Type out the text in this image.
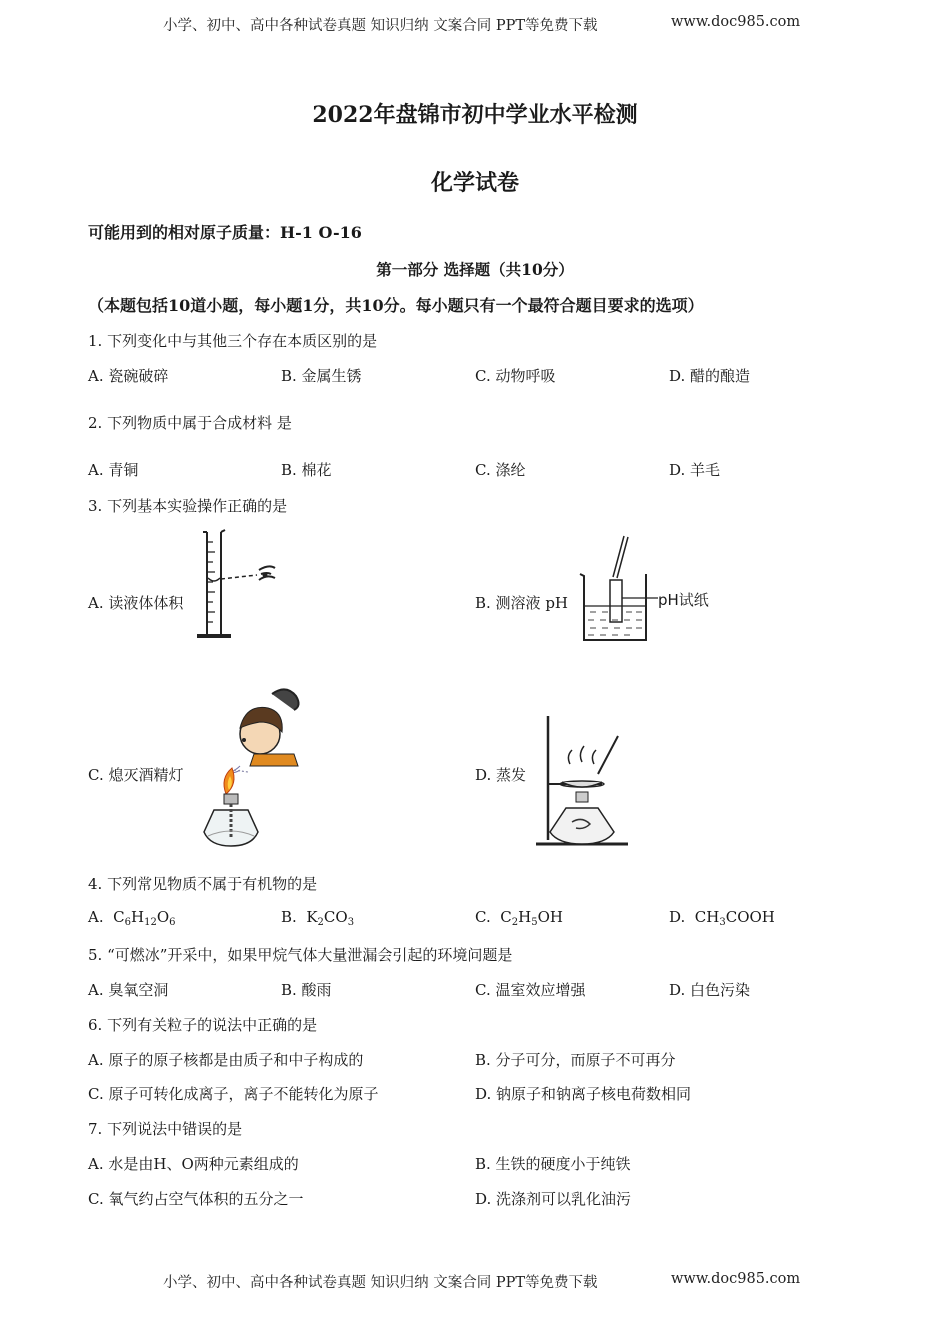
小学、初中、高中各种试卷真题 知识归纳 文案合同 PPT等免费下载	www.doc985.com
2022年盘锦市初中学业水平检测
化学试卷
可能用到的相对原子质量：H-1 O-16
第一部分 选择题（共10分）
（本题包括10道小题，每小题1分，共10分。每小题只有一个最符合题目要求的选项）
1. 下列变化中与其他三个存在本质区别的是
A. 瓷碗破碎	B. 金属生锈	C. 动物呼吸	D. 醋的酿造
2. 下列物质中属于合成材料 是
A. 青铜	B. 棉花	C. 涤纶	D. 羊毛
3. 下列基本实验操作正确的是
A. 读液体体积	B. 测溶液 pH
C. 熄灭酒精灯	D. 蒸发
pH试纸
4. 下列常见物质不属于有机物的是
A.  $C_6H_{12}O_6$	B.  $K_2CO_3$	C.  $C_2H_5OH$	D.  $CH_3COOH$
5. “可燃冰”开采中，如果甲烷气体大量泄漏会引起的环境问题是
A. 臭氧空洞	B. 酸雨	C. 温室效应增强	D. 白色污染
6. 下列有关粒子的说法中正确的是
A. 原子的原子核都是由质子和中子构成的	B. 分子可分，而原子不可再分
C. 原子可转化成离子，离子不能转化为原子	D. 钠原子和钠离子核电荷数相同
7. 下列说法中错误的是
A. 水是由H、O两种元素组成的	B. 生铁的硬度小于纯铁
C. 氧气约占空气体积的五分之一	D. 洗涤剂可以乳化油污
小学、初中、高中各种试卷真题 知识归纳 文案合同 PPT等免费下载	www.doc985.com
